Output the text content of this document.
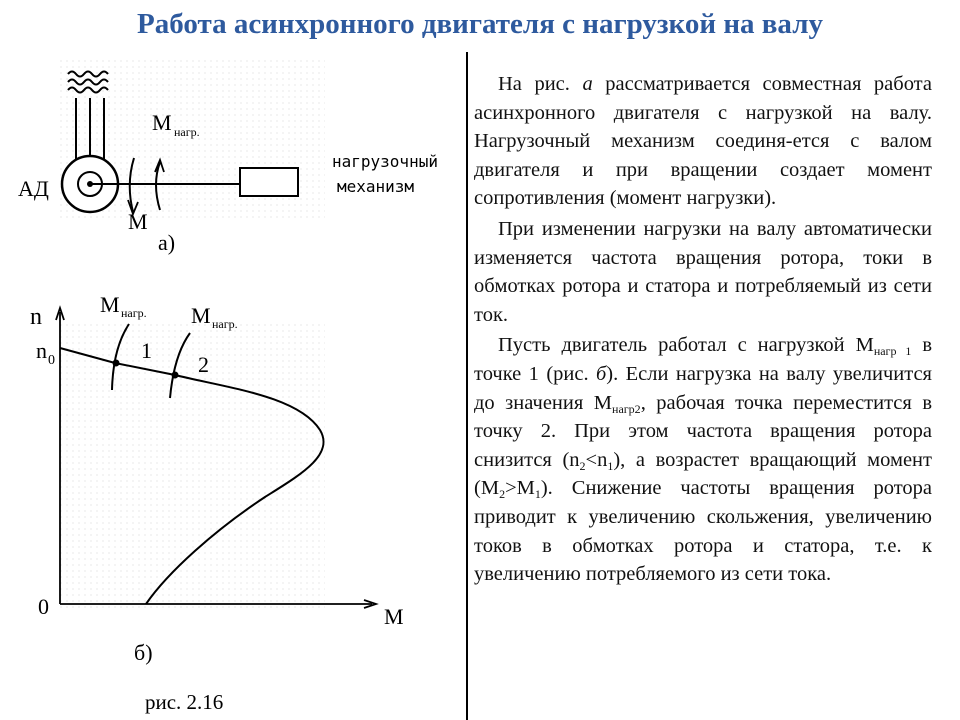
Работа асинхронного двигателя с нагрузкой на валу
АД
М нагр.
М
нагрузочный
механизм
а)
n
n 0
0	М
М нагр. М нагр.
1
2
б)
рис. 2.16

На рис. а рассматривается совместная работа асинхронного двигателя с нагрузкой на валу. Нагрузочный механизм соединя-ется с валом двигателя и при вращении создает момент сопротивления (момент нагрузки).

При изменении нагрузки на валу автоматически изменяется частота вращения ротора, токи в обмотках ротора и статора и потребляемый из сети ток.

Пусть двигатель работал с нагрузкой $М_{нагр 1}$ в точке 1 (рис. б). Если нагрузка на валу увеличится до значения $М_{нагр2}$, рабочая точка переместится в точку 2. При этом частота вращения ротора снизится $(n_2<n_1)$, а возрастет вращающий момент $(М_2>M_1)$. Снижение частоты вращения ротора приводит к увеличению скольжения, увеличению токов в обмотках ротора и статора, т.е. к увеличению потребляемого из сети тока.
